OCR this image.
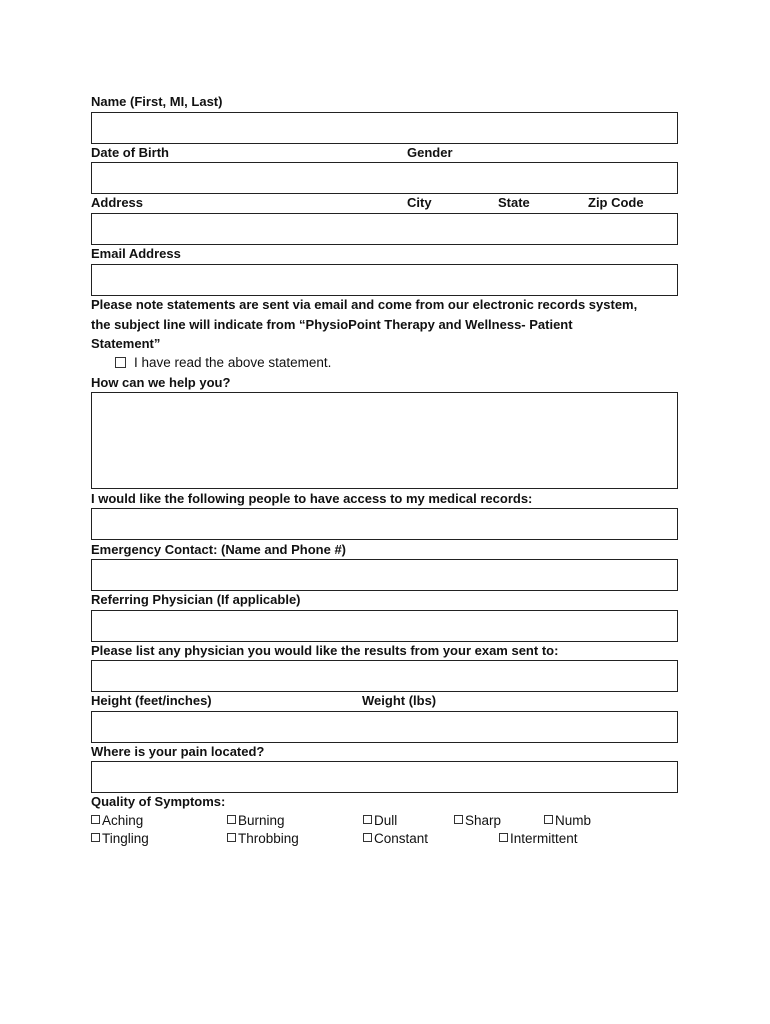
Name (First, MI, Last)
Date of Birth	Gender
Address	City	State	Zip Code
Email Address
Please note statements are sent via email and come from our electronic records system,
the subject line will indicate from “PhysioPoint Therapy and Wellness- Patient
Statement”
I have read the above statement.
How can we help you?
I would like the following people to have access to my medical records:
Emergency Contact: (Name and Phone #)
Referring Physician (If applicable)
Please list any physician you would like the results from your exam sent to:
Height (feet/inches)	Weight (lbs)
Where is your pain located?
Quality of Symptoms:
Aching	Burning	Dull	Sharp	Numb
Tingling	Throbbing	Constant	Intermittent
